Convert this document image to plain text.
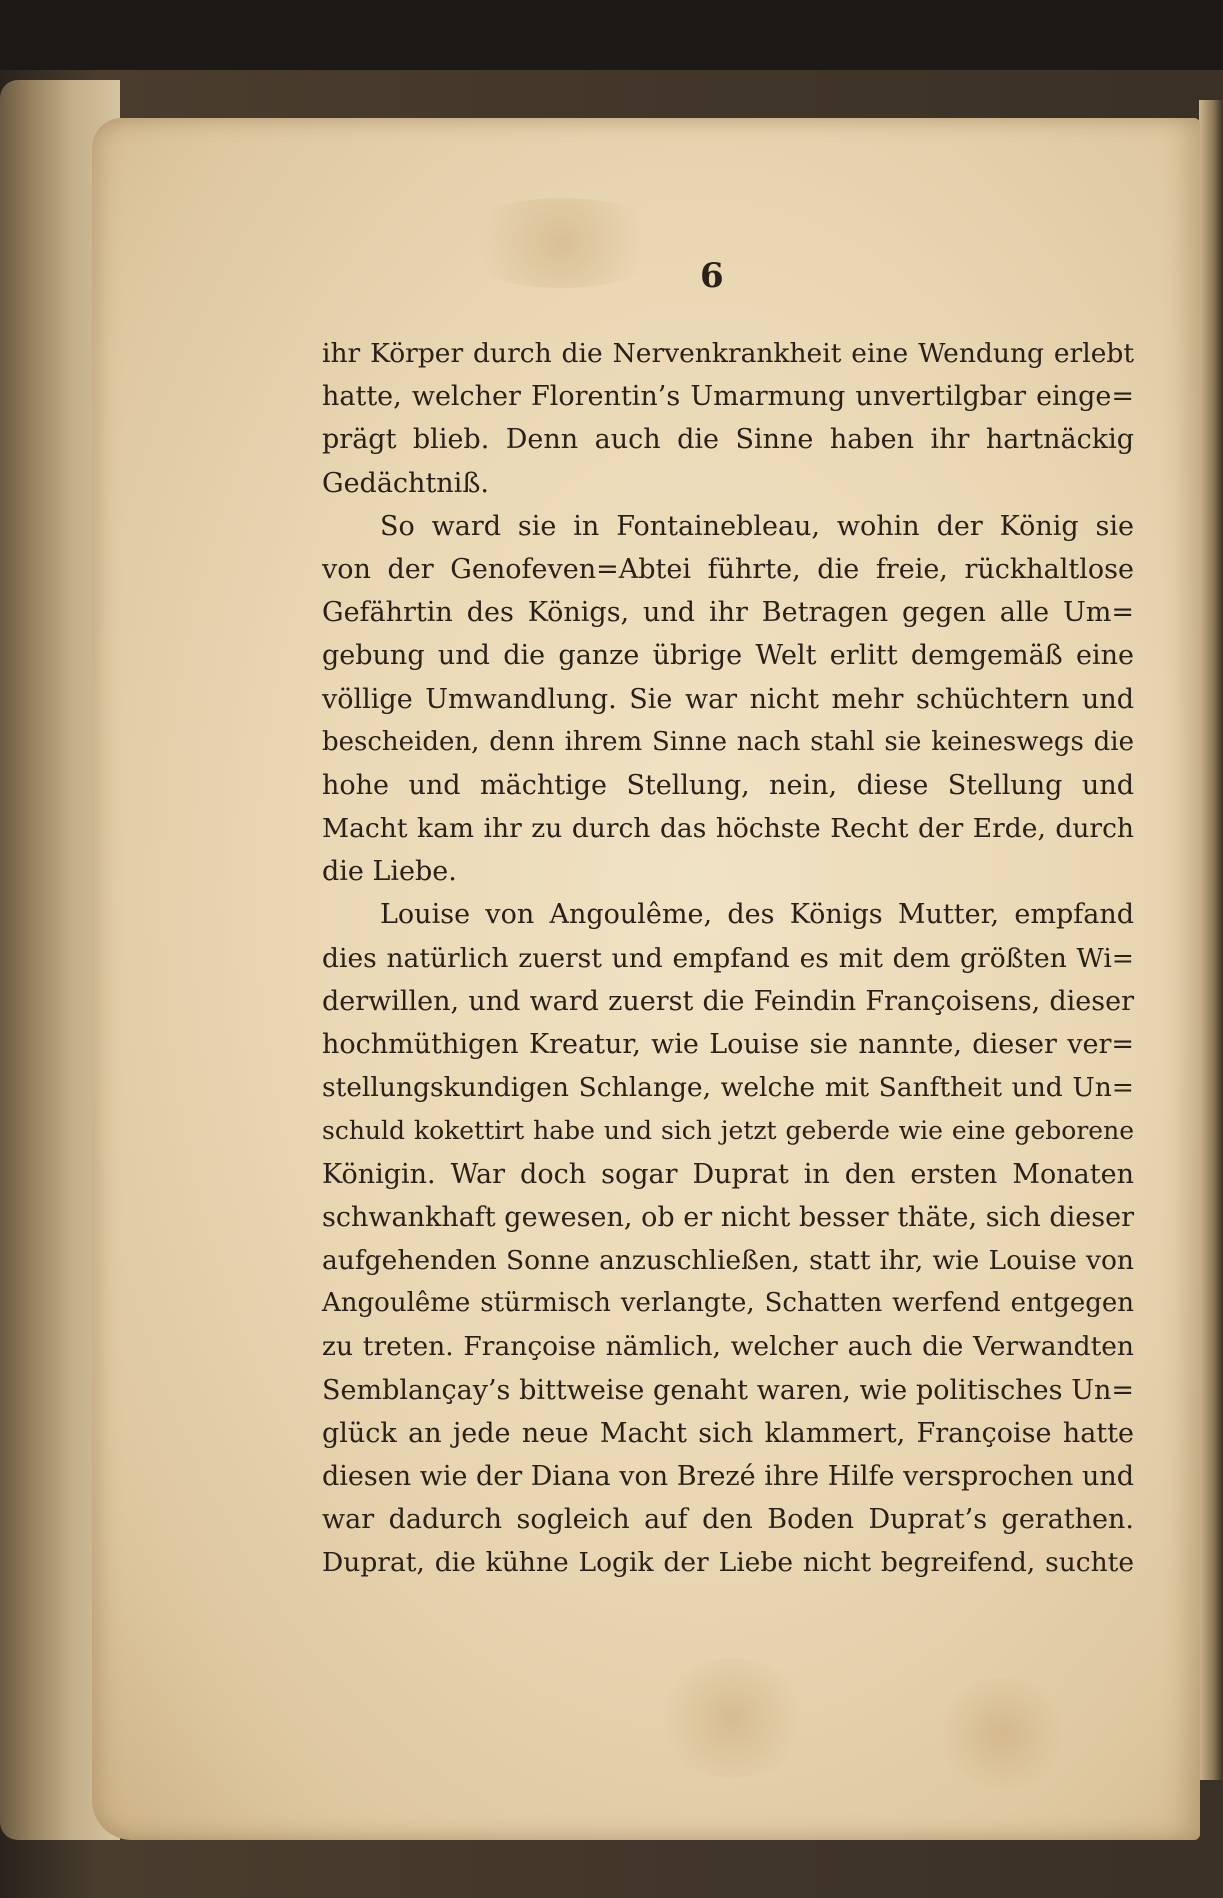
6
ihr Körper durch die Nervenkrankheit eine Wendung erlebt
hatte, welcher Florentin’s Umarmung unvertilgbar einge=
prägt blieb. Denn auch die Sinne haben ihr hartnäckig
Gedächtniß.
So ward sie in Fontainebleau, wohin der König sie
von der Genofeven=Abtei führte, die freie, rückhaltlose
Gefährtin des Königs, und ihr Betragen gegen alle Um=
gebung und die ganze übrige Welt erlitt demgemäß eine
völlige Umwandlung. Sie war nicht mehr schüchtern und
bescheiden, denn ihrem Sinne nach stahl sie keineswegs die
hohe und mächtige Stellung, nein, diese Stellung und
Macht kam ihr zu durch das höchste Recht der Erde, durch
die Liebe.
Louise von Angoulême, des Königs Mutter, empfand
dies natürlich zuerst und empfand es mit dem größten Wi=
derwillen, und ward zuerst die Feindin Françoisens, dieser
hochmüthigen Kreatur, wie Louise sie nannte, dieser ver=
stellungskundigen Schlange, welche mit Sanftheit und Un=
schuld kokettirt habe und sich jetzt geberde wie eine geborene
Königin. War doch sogar Duprat in den ersten Monaten
schwankhaft gewesen, ob er nicht besser thäte, sich dieser
aufgehenden Sonne anzuschließen, statt ihr, wie Louise von
Angoulême stürmisch verlangte, Schatten werfend entgegen
zu treten. Françoise nämlich, welcher auch die Verwandten
Semblançay’s bittweise genaht waren, wie politisches Un=
glück an jede neue Macht sich klammert, Françoise hatte
diesen wie der Diana von Brezé ihre Hilfe versprochen und
war dadurch sogleich auf den Boden Duprat’s gerathen.
Duprat, die kühne Logik der Liebe nicht begreifend, suchte
